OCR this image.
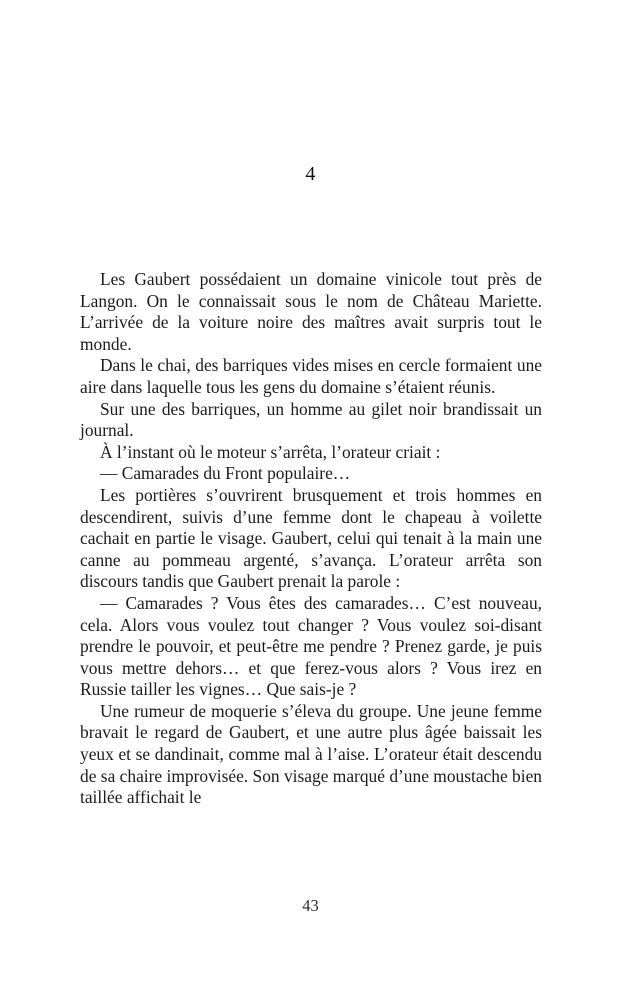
4

Les Gaubert possédaient un domaine vinicole tout près de Langon. On le connaissait sous le nom de Château Mariette. L’arrivée de la voiture noire des maîtres avait surpris tout le monde.

Dans le chai, des barriques vides mises en cercle formaient une aire dans laquelle tous les gens du domaine s’étaient réunis.

Sur une des barriques, un homme au gilet noir brandissait un journal.

À l’instant où le moteur s’arrêta, l’orateur criait :

— Camarades du Front populaire…

Les portières s’ouvrirent brusquement et trois hommes en descendirent, suivis d’une femme dont le chapeau à voilette cachait en partie le visage. Gaubert, celui qui tenait à la main une canne au pommeau argenté, s’avança. L’orateur arrêta son discours tandis que Gaubert prenait la parole :

— Camarades ? Vous êtes des camarades… C’est nouveau, cela. Alors vous voulez tout changer ? Vous voulez soi-disant prendre le pouvoir, et peut-être me pendre ? Prenez garde, je puis vous mettre dehors… et que ferez-vous alors ? Vous irez en Russie tailler les vignes… Que sais-je ?

Une rumeur de moquerie s’éleva du groupe. Une jeune femme bravait le regard de Gaubert, et une autre plus âgée baissait les yeux et se dandinait, comme mal à l’aise. L’orateur était descendu de sa chaire improvisée. Son visage marqué d’une moustache bien taillée affichait le

43
